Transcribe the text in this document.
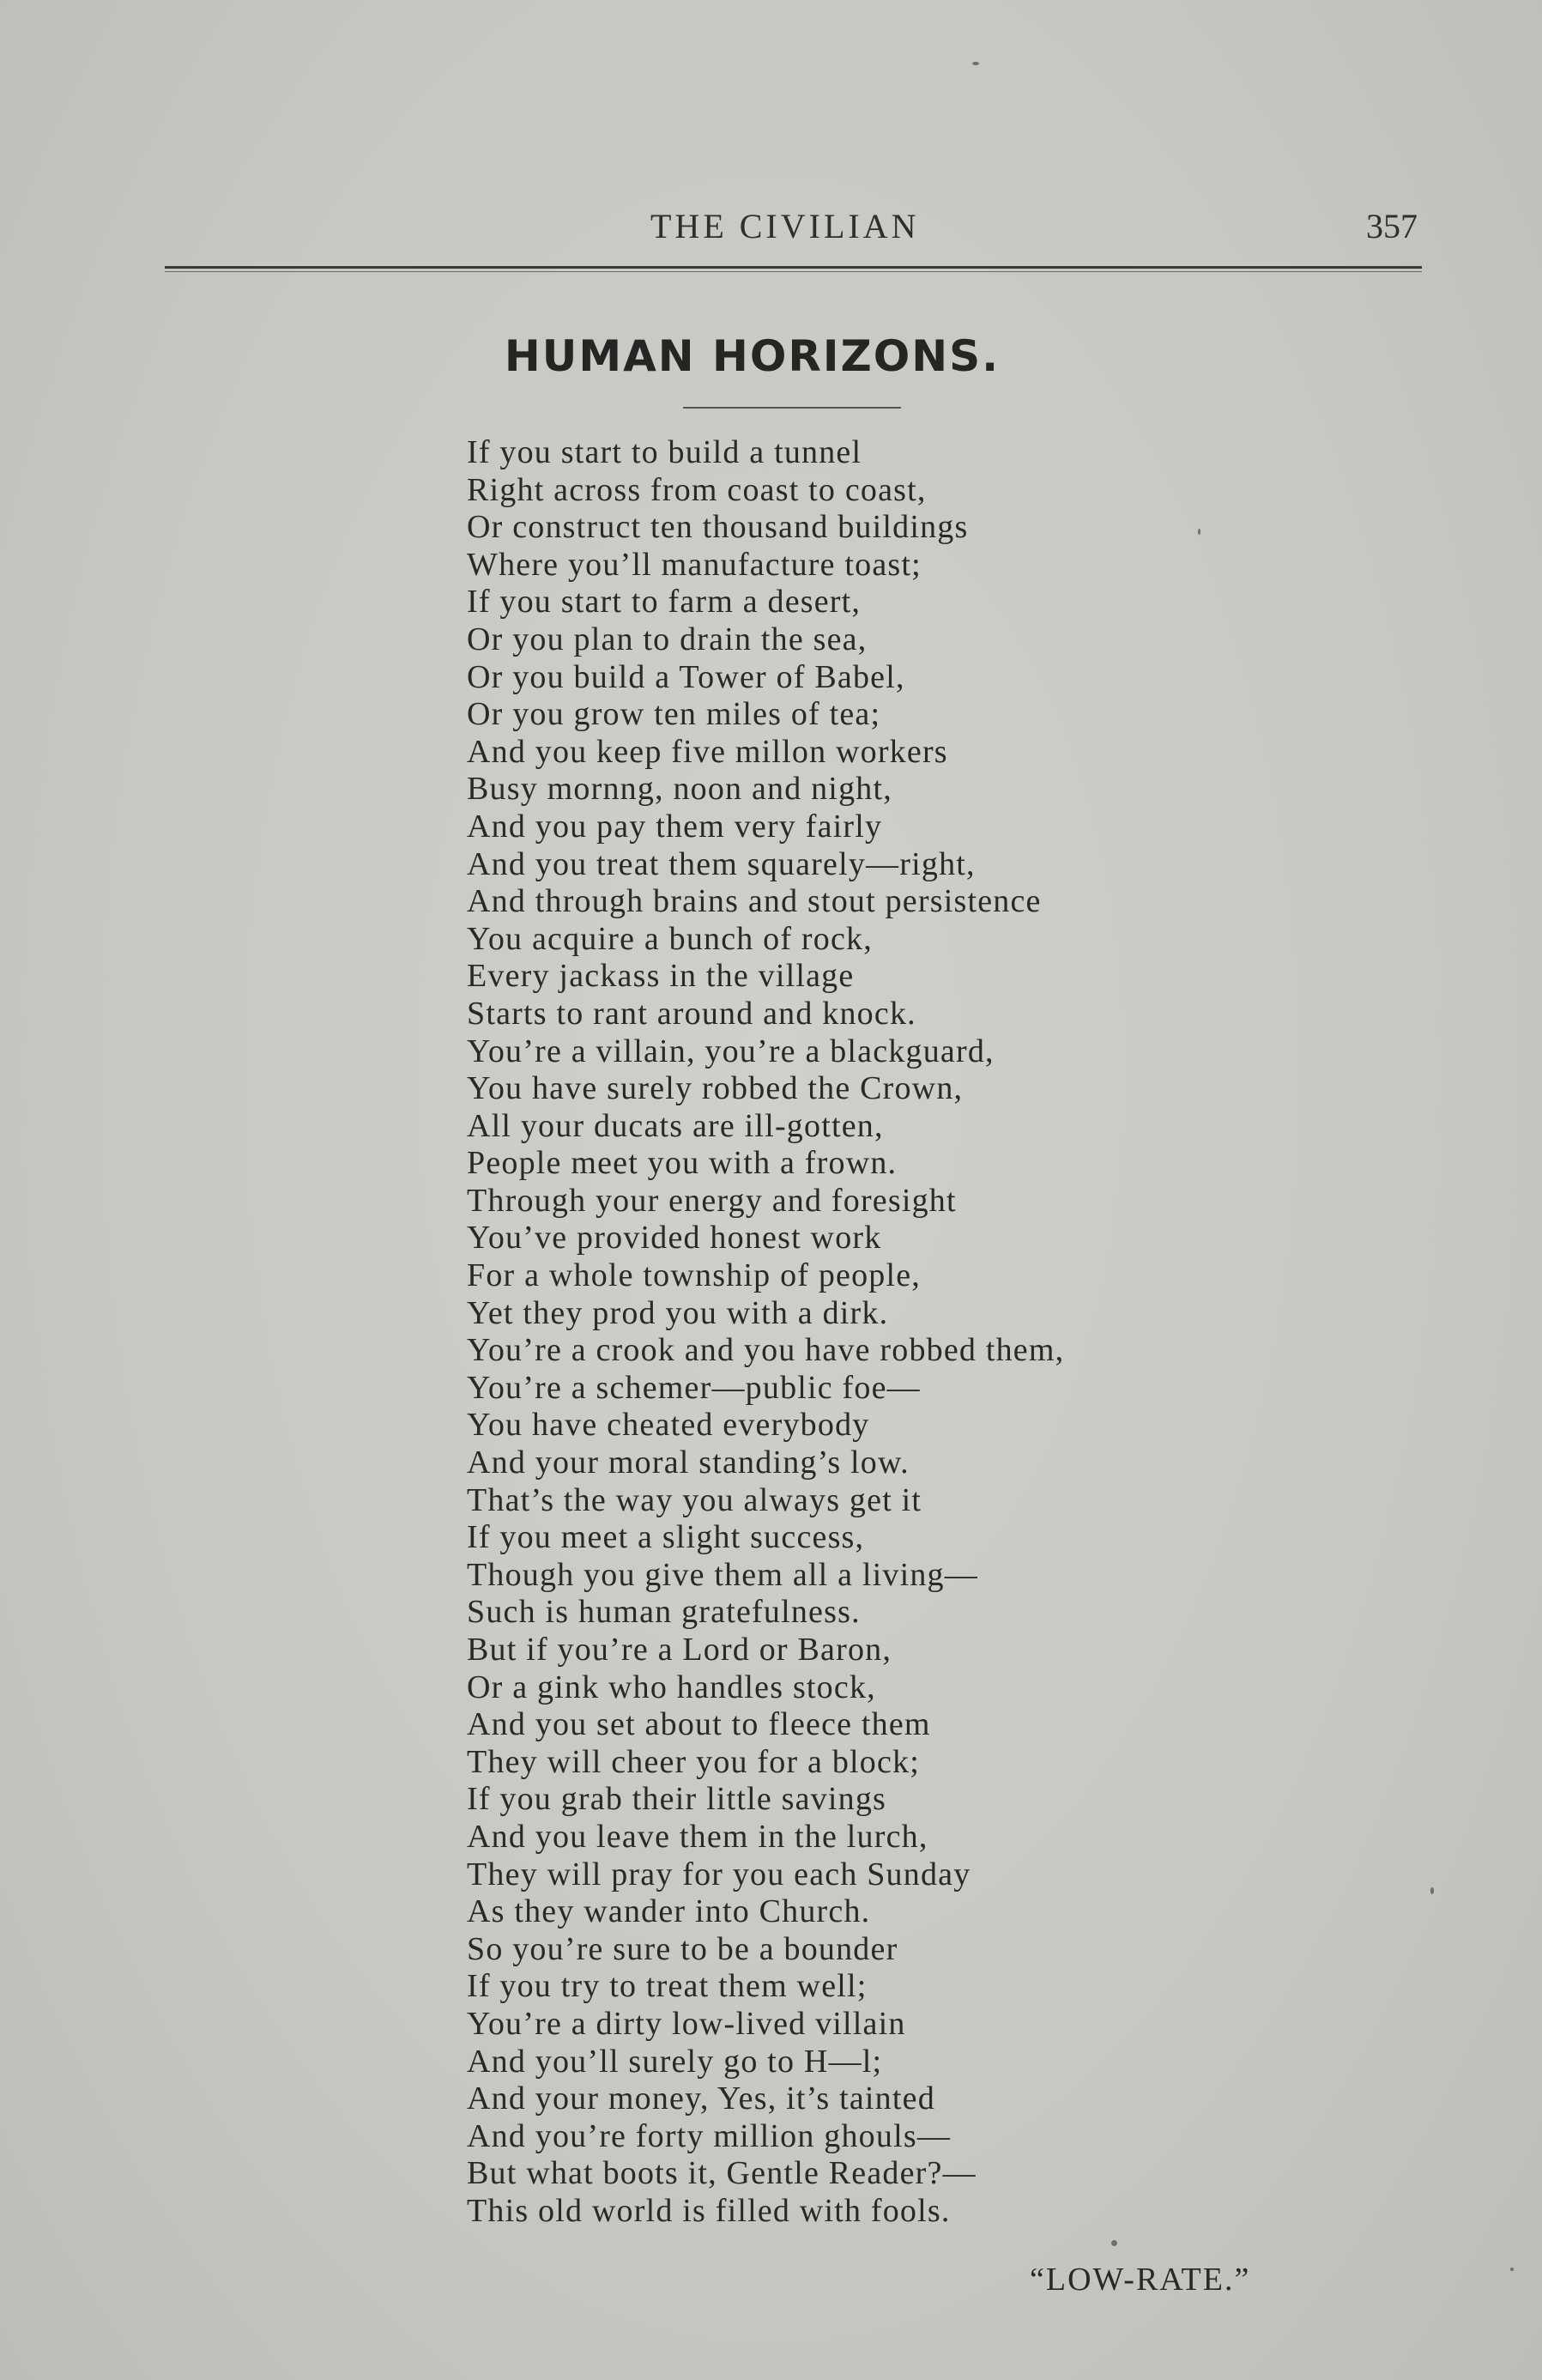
THE CIVILIAN	357
HUMAN HORIZONS.
If you start to build a tunnel
Right across from coast to coast,
Or construct ten thousand buildings
Where you’ll manufacture toast;
If you start to farm a desert,
Or you plan to drain the sea,
Or you build a Tower of Babel,
Or you grow ten miles of tea;
And you keep five millon workers
Busy mornng, noon and night,
And you pay them very fairly
And you treat them squarely—right,
And through brains and stout persistence
You acquire a bunch of rock,
Every jackass in the village
Starts to rant around and knock.
You’re a villain, you’re a blackguard,
You have surely robbed the Crown,
All your ducats are ill-gotten,
People meet you with a frown.
Through your energy and foresight
You’ve provided honest work
For a whole township of people,
Yet they prod you with a dirk.
You’re a crook and you have robbed them,
You’re a schemer—public foe—
You have cheated everybody
And your moral standing’s low.
That’s the way you always get it
If you meet a slight success,
Though you give them all a living—
Such is human gratefulness.
But if you’re a Lord or Baron,
Or a gink who handles stock,
And you set about to fleece them
They will cheer you for a block;
If you grab their little savings
And you leave them in the lurch,
They will pray for you each Sunday
As they wander into Church.
So you’re sure to be a bounder
If you try to treat them well;
You’re a dirty low-lived villain
And you’ll surely go to H—l;
And your money, Yes, it’s tainted
And you’re forty million ghouls—
But what boots it, Gentle Reader?—
This old world is filled with fools.
“LOW-RATE.”
